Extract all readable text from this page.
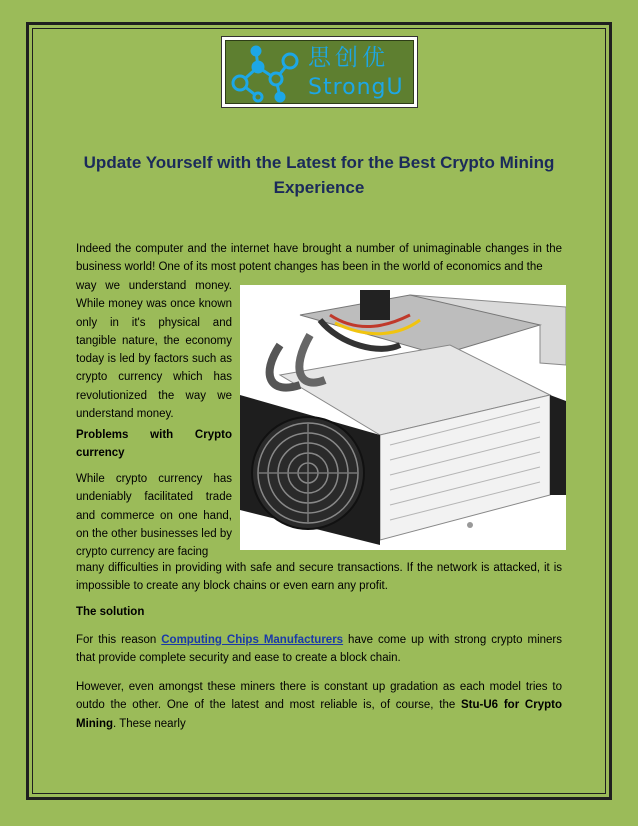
思创优
StrongU
Update Yourself with the Latest for the Best Crypto Mining Experience

Indeed the computer and the internet have brought a number of unimaginable changes in the business world! One of its most potent changes has been in the world of economics and the

way we understand money. While money was once known only in it's physical and tangible nature, the economy today is led by factors such as crypto currency which has revolutionized the way we understand money.

Problems with Crypto currency

While crypto currency has undeniably facilitated trade and commerce on one hand, on the other businesses led by crypto currency are facing

many difficulties in providing with safe and secure transactions. If the network is attacked, it is impossible to create any block chains or even earn any profit.

The solution

For this reason Computing Chips Manufacturers have come up with strong crypto miners that provide complete security and ease to create a block chain.

However, even amongst these miners there is constant up gradation as each model tries to outdo the other. One of the latest and most reliable is, of course, the Stu-U6 for Crypto Mining. These nearly
